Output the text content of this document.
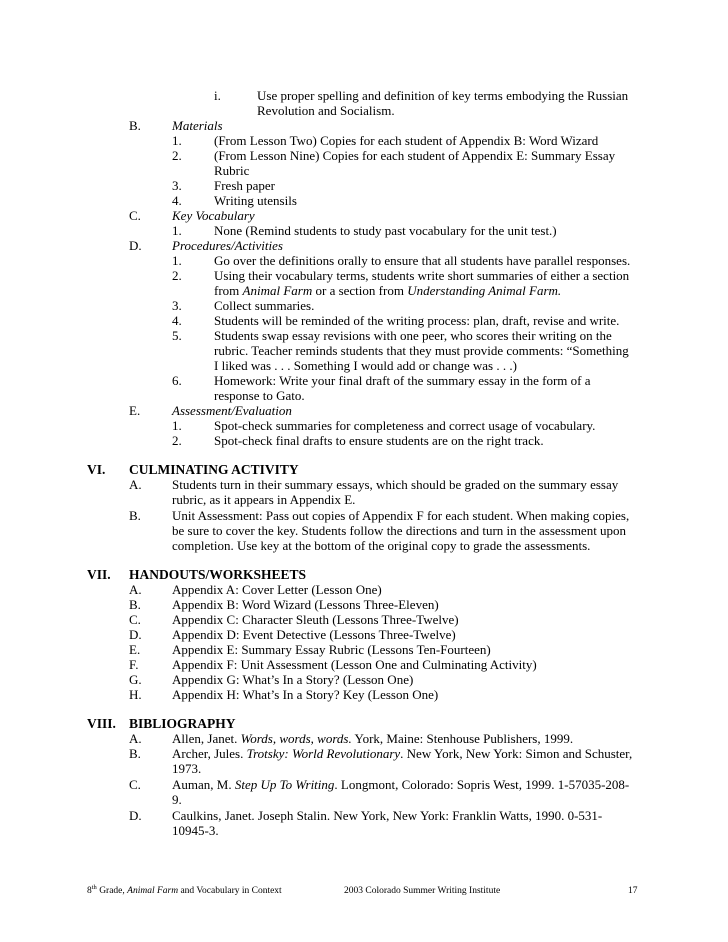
i.	Use proper spelling and definition of key terms embodying the Russian
Revolution and Socialism.
B. Materials
1. (From Lesson Two) Copies for each student of Appendix B: Word Wizard
2. (From Lesson Nine) Copies for each student of Appendix E: Summary Essay
Rubric
3. Fresh paper
4. Writing utensils
C. Key Vocabulary
1. None (Remind students to study past vocabulary for the unit test.)
D. Procedures/Activities
1. Go over the definitions orally to ensure that all students have parallel responses.
2. Using their vocabulary terms, students write short summaries of either a section
from Animal Farm or a section from Understanding Animal Farm.
3. Collect summaries.
4. Students will be reminded of the writing process: plan, draft, revise and write.
5. Students swap essay revisions with one peer, who scores their writing on the
rubric. Teacher reminds students that they must provide comments: “Something
I liked was . . . Something I would add or change was . . .)
6. Homework: Write your final draft of the summary essay in the form of a
response to Gato.
E. Assessment/Evaluation
1. Spot-check summaries for completeness and correct usage of vocabulary.
2. Spot-check final drafts to ensure students are on the right track.
VI. CULMINATING ACTIVITY
A. Students turn in their summary essays, which should be graded on the summary essay
rubric, as it appears in Appendix E.
B. Unit Assessment: Pass out copies of Appendix F for each student. When making copies,
be sure to cover the key. Students follow the directions and turn in the assessment upon
completion. Use key at the bottom of the original copy to grade the assessments.
VII. HANDOUTS/WORKSHEETS
A. Appendix A: Cover Letter (Lesson One)
B. Appendix B: Word Wizard (Lessons Three-Eleven)
C. Appendix C: Character Sleuth (Lessons Three-Twelve)
D. Appendix D: Event Detective (Lessons Three-Twelve)
E. Appendix E: Summary Essay Rubric (Lessons Ten-Fourteen)
F.	Appendix F: Unit Assessment (Lesson One and Culminating Activity)
G. Appendix G: What’s In a Story? (Lesson One)
H. Appendix H: What’s In a Story? Key (Lesson One)
VIII. BIBLIOGRAPHY
A. Allen, Janet. Words, words, words. York, Maine: Stenhouse Publishers, 1999.
B. Archer, Jules. Trotsky: World Revolutionary. New York, New York: Simon and Schuster,
1973.
C. Auman, M. Step Up To Writing. Longmont, Colorado: Sopris West, 1999. 1-57035-208-
9.
D. Caulkins, Janet. Joseph Stalin. New York, New York: Franklin Watts, 1990. 0-531-
10945-3.
8th Grade, Animal Farm and Vocabulary in Context	2003 Colorado Summer Writing Institute	17
